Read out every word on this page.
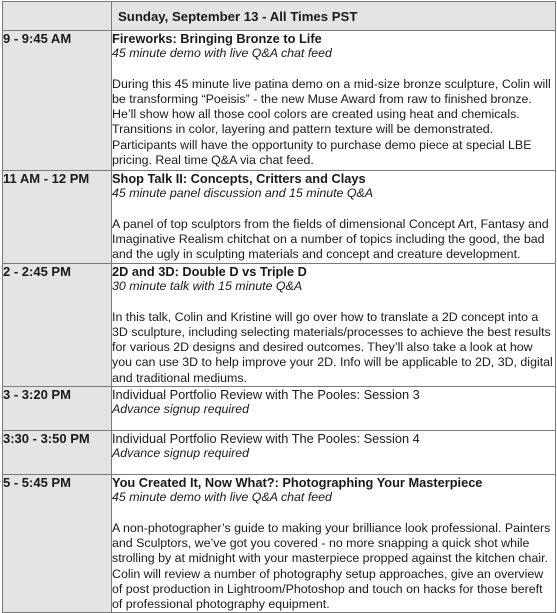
	Sunday, September 13 - All Times PST
9 - 9:45 AM	Fireworks: Bringing Bronze to Life
45 minute demo with live Q&A chat feed
During this 45 minute live patina demo on a mid-size bronze sculpture, Colin will be transforming “Poeisis” - the new Muse Award from raw to finished bronze. He’ll show how all those cool colors are created using heat and chemicals. Transitions in color, layering and pattern texture will be demonstrated. Participants will have the opportunity to purchase demo piece at special LBE pricing. Real time Q&A via chat feed.

11 AM - 12 PM	Shop Talk II: Concepts, Critters and Clays
45 minute panel discussion and 15 minute Q&A
A panel of top sculptors from the fields of dimensional Concept Art, Fantasy and Imaginative Realism chitchat on a number of topics including the good, the bad and the ugly in sculpting materials and concept and creature development.

2 - 2:45 PM	2D and 3D: Double D vs Triple D
30 minute talk with 15 minute Q&A
In this talk, Colin and Kristine will go over how to translate a 2D concept into a 3D sculpture, including selecting materials/processes to achieve the best results for various 2D designs and desired outcomes. They’ll also take a look at how you can use 3D to help improve your 2D. Info will be applicable to 2D, 3D, digital and traditional mediums.

3 - 3:20 PM	Individual Portfolio Review with The Pooles: Session 3
Advance signup required

3:30 - 3:50 PM	Individual Portfolio Review with The Pooles: Session 4
Advance signup required

5 - 5:45 PM	You Created It, Now What?: Photographing Your Masterpiece
45 minute demo with live Q&A chat feed
A non-photographer’s guide to making your brilliance look professional. Painters and Sculptors, we’ve got you covered - no more snapping a quick shot while strolling by at midnight with your masterpiece propped against the kitchen chair. Colin will review a number of photography setup approaches, give an overview of post production in Lightroom/Photoshop and touch on hacks for those bereft of professional photography equipment.
